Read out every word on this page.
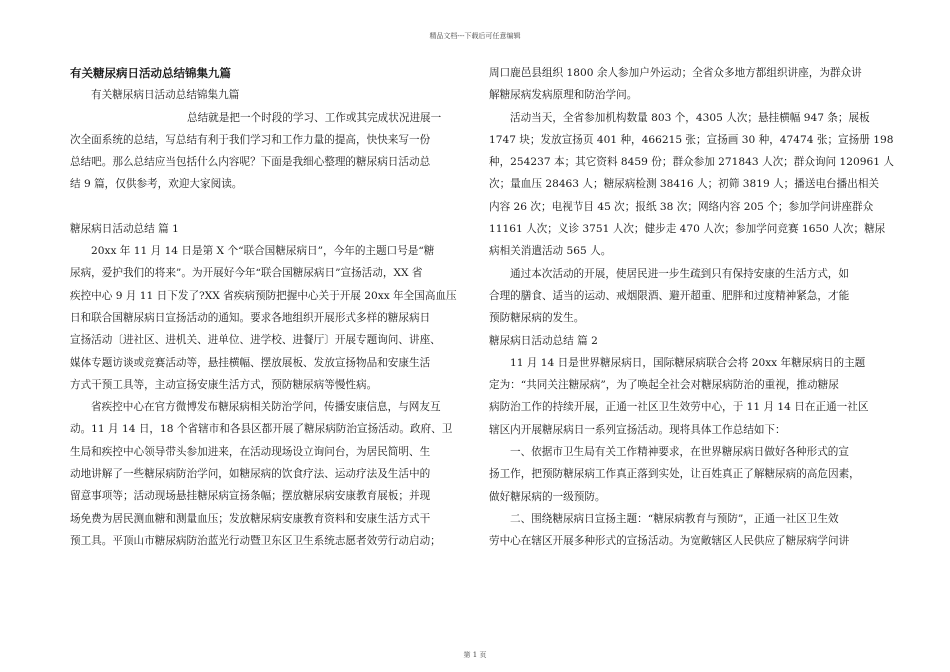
精品文档---下载后可任意编辑

有关糖尿病日活动总结锦集九篇

有关糖尿病日活动总结锦集九篇

总结就是把一个时段的学习、工作或其完成状况进展一

次全面系统的总结，写总结有利于我们学习和工作力量的提高，快快来写一份

总结吧。那么总结应当包括什么内容呢？下面是我细心整理的糖尿病日活动总

结 9 篇，仅供参考，欢迎大家阅读。

糖尿病日活动总结 篇 1

20xx 年 11 月 14 日是第 X 个“联合国糖尿病日”，今年的主题口号是“糖

尿病，爱护我们的将来”。为开展好今年“联合国糖尿病日”宣扬活动，XX 省

疾控中心 9 月 11 日下发了?XX 省疾病预防把握中心关于开展 20xx 年全国高血压

日和联合国糖尿病日宣扬活动的通知。要求各地组织开展形式多样的糖尿病日

宣扬活动〔进社区、进机关、进单位、进学校、进餐厅〕开展专题询问、讲座、

媒体专题访谈或竞赛活动等，悬挂横幅、摆放展板、发放宣扬物品和安康生活

方式干预工具等，主动宣扬安康生活方式，预防糖尿病等慢性病。

省疾控中心在官方微博发布糖尿病相关防治学问，传播安康信息，与网友互

动。11 月 14 日，18 个省辖市和各县区都开展了糖尿病防治宣扬活动。政府、卫

生局和疾控中心领导带头参加进来，在活动现场设立询问台，为居民简明、生

动地讲解了一些糖尿病防治学问，如糖尿病的饮食疗法、运动疗法及生活中的

留意事项等；活动现场悬挂糖尿病宣扬条幅；摆放糖尿病安康教育展板；并现

场免费为居民测血糖和测量血压；发放糖尿病安康教育资料和安康生活方式干

预工具。平顶山市糖尿病防治蓝光行动暨卫东区卫生系统志愿者效劳行动启动；

周口鹿邑县组织 1800 余人参加户外运动；全省众多地方都组织讲座，为群众讲

解糖尿病发病原理和防治学问。

活动当天，全省参加机构数量 803 个，4305 人次；悬挂横幅 947 条；展板

1747 块；发放宣扬页 401 种，466215 张；宣扬画 30 种，47474 张；宣扬册 198

种，254237 本；其它资料 8459 份；群众参加 271843 人次；群众询问 120961 人

次；量血压 28463 人；糖尿病检测 38416 人；初筛 3819 人；播送电台播出相关

内容 26 次；电视节目 45 次；报纸 38 次；网络内容 205 个；参加学问讲座群众

11161 人次；义诊 3751 人次；健步走 470 人次；参加学问竞赛 1650 人次；糖尿

病相关消遣活动 565 人。

通过本次活动的开展，使居民进一步生疏到只有保持安康的生活方式，如

合理的膳食、适当的运动、戒烟限酒、避开超重、肥胖和过度精神紧急，才能

预防糖尿病的发生。

糖尿病日活动总结 篇 2

11 月 14 日是世界糖尿病日，国际糖尿病联合会将 20xx 年糖尿病日的主题

定为：“共同关注糖尿病”，为了唤起全社会对糖尿病防治的重视，推动糖尿

病防治工作的持续开展，正通一社区卫生效劳中心，于 11 月 14 日在正通一社区

辖区内开展糖尿病日一系列宣扬活动。现将具体工作总结如下：

一、依据市卫生局有关工作精神要求，在世界糖尿病日做好各种形式的宣

扬工作，把预防糖尿病工作真正落到实处，让百姓真正了解糖尿病的高危因素，

做好糖尿病的一级预防。

二、围绕糖尿病日宣扬主题：“糖尿病教育与预防”，正通一社区卫生效

劳中心在辖区开展多种形式的宣扬活动。为宽敞辖区人民供应了糖尿病学问讲

第 1 页
